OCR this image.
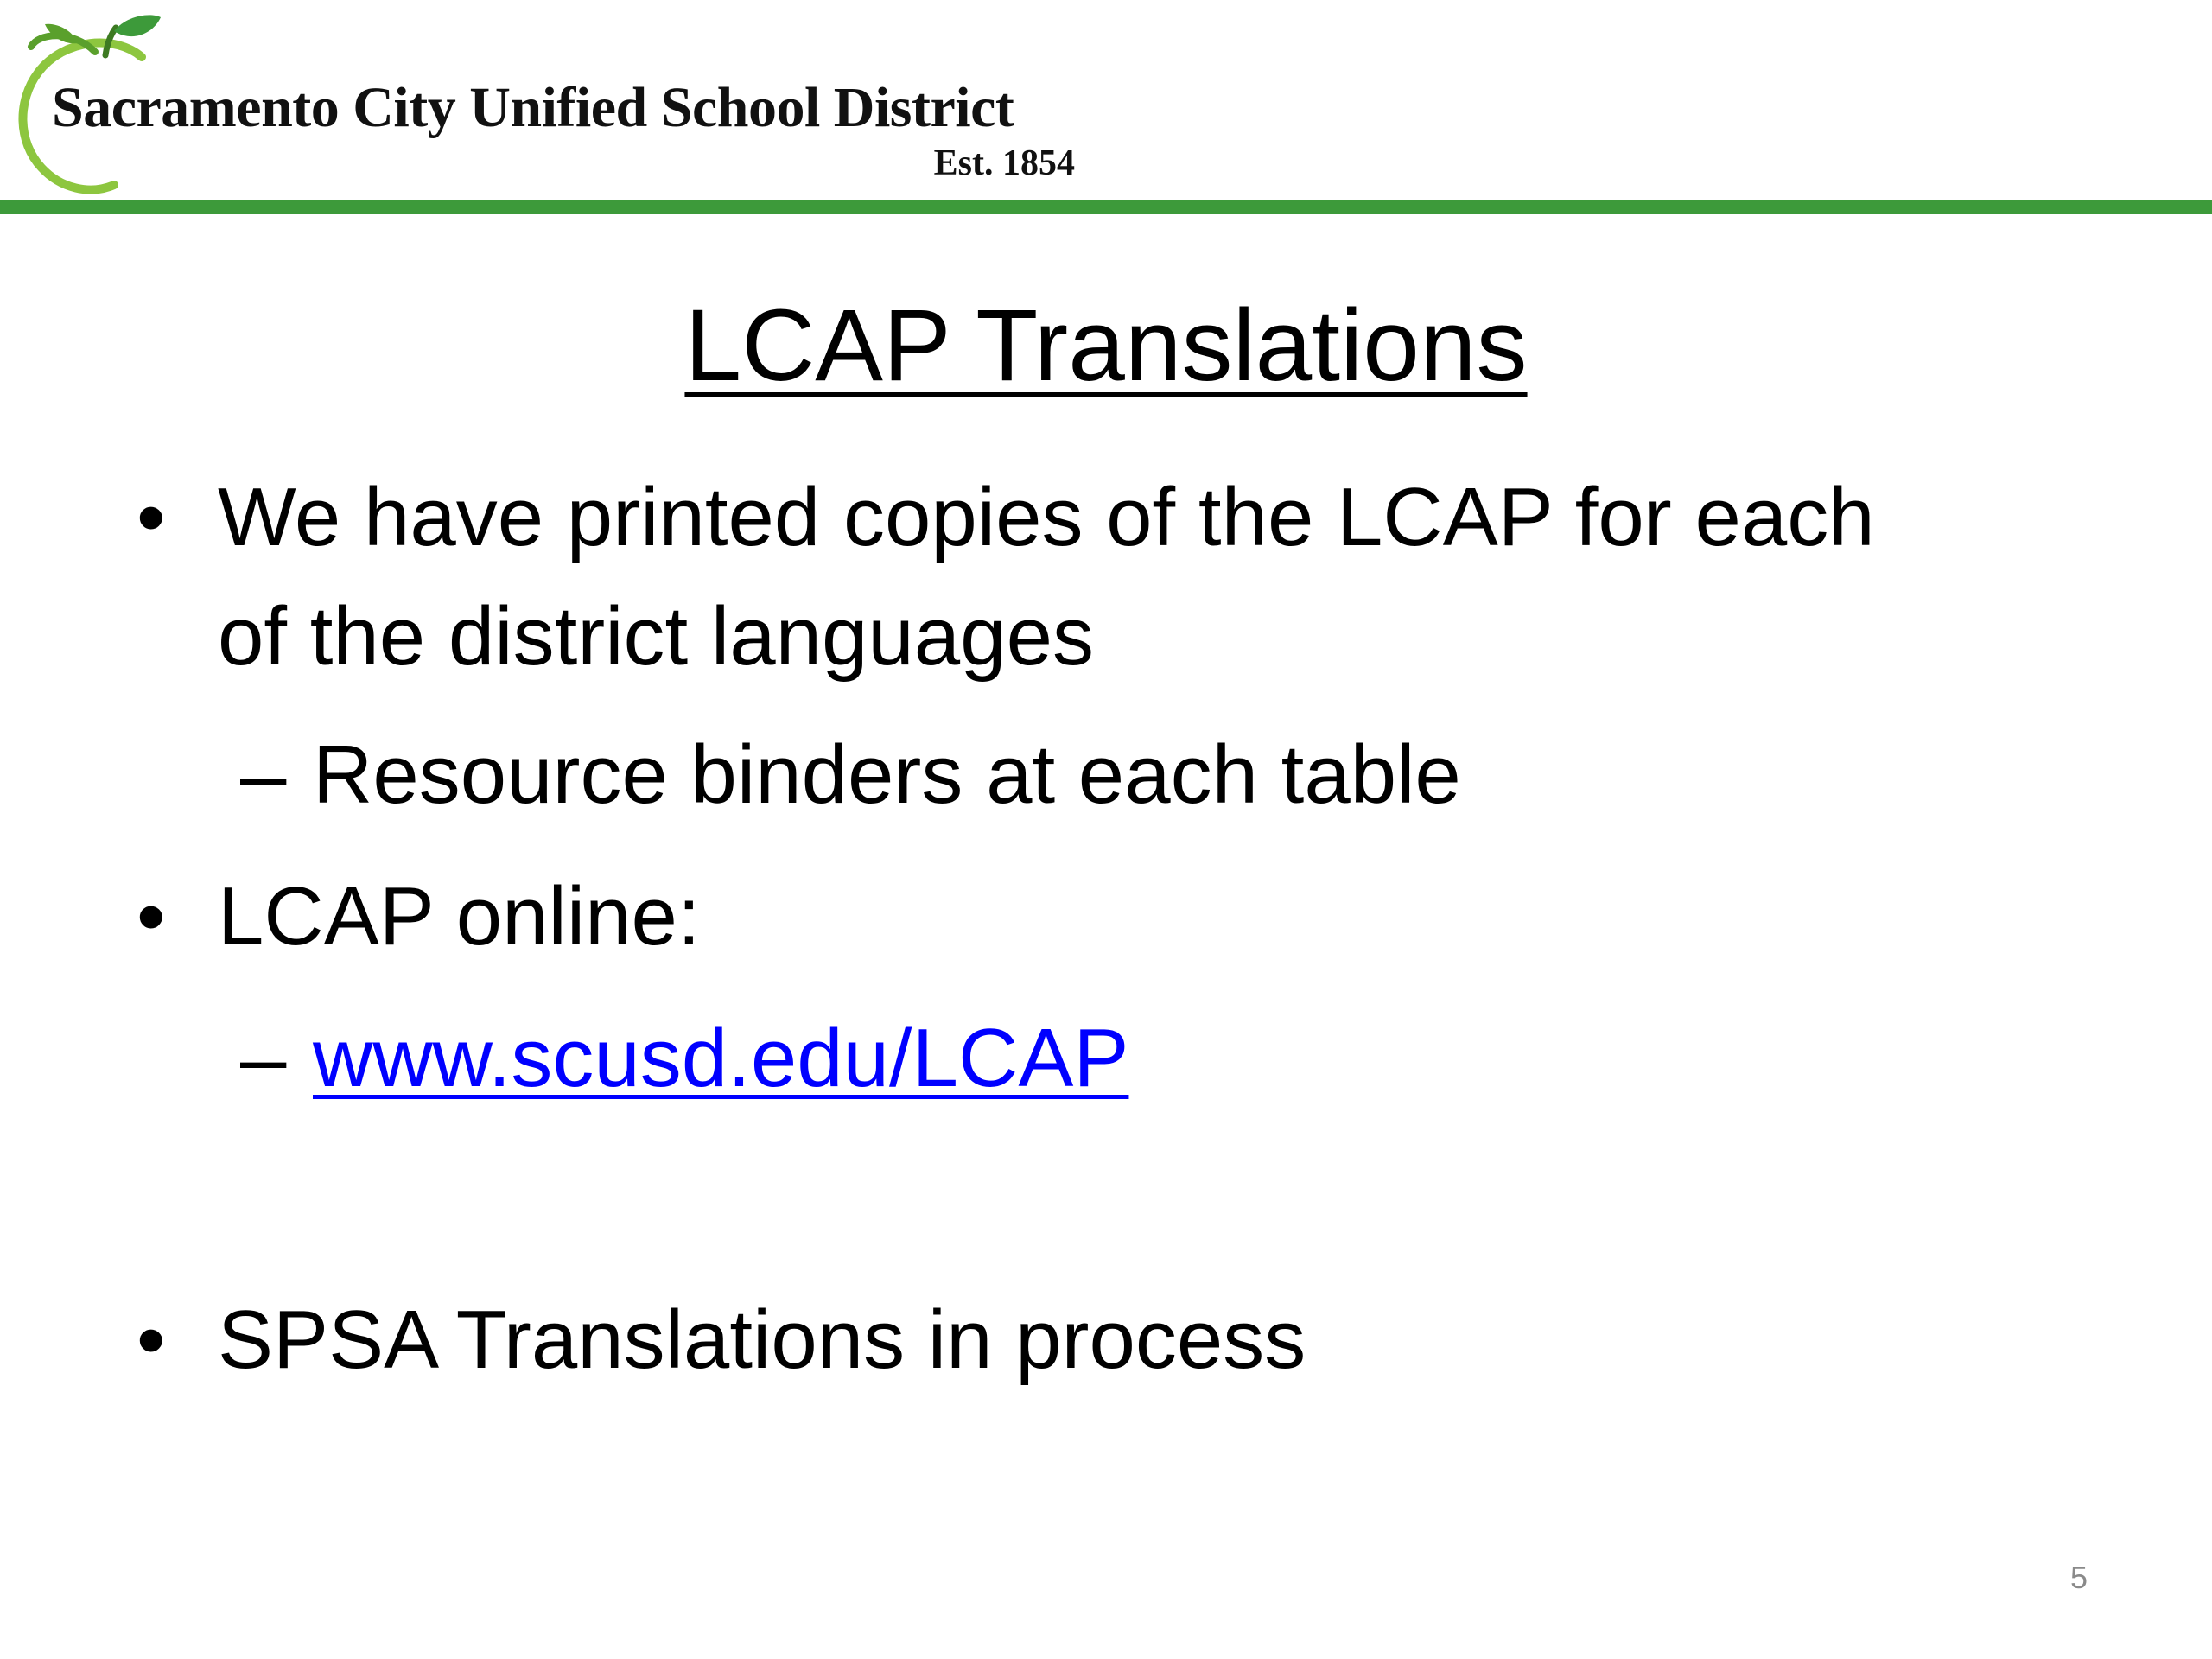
Sacramento City Unified School District
Est. 1854
LCAP Translations
• We have printed copies of the LCAP for each
of the district languages
– Resource binders at each table
• LCAP online:
– www.scusd.edu/LCAP
• SPSA Translations in process
5
